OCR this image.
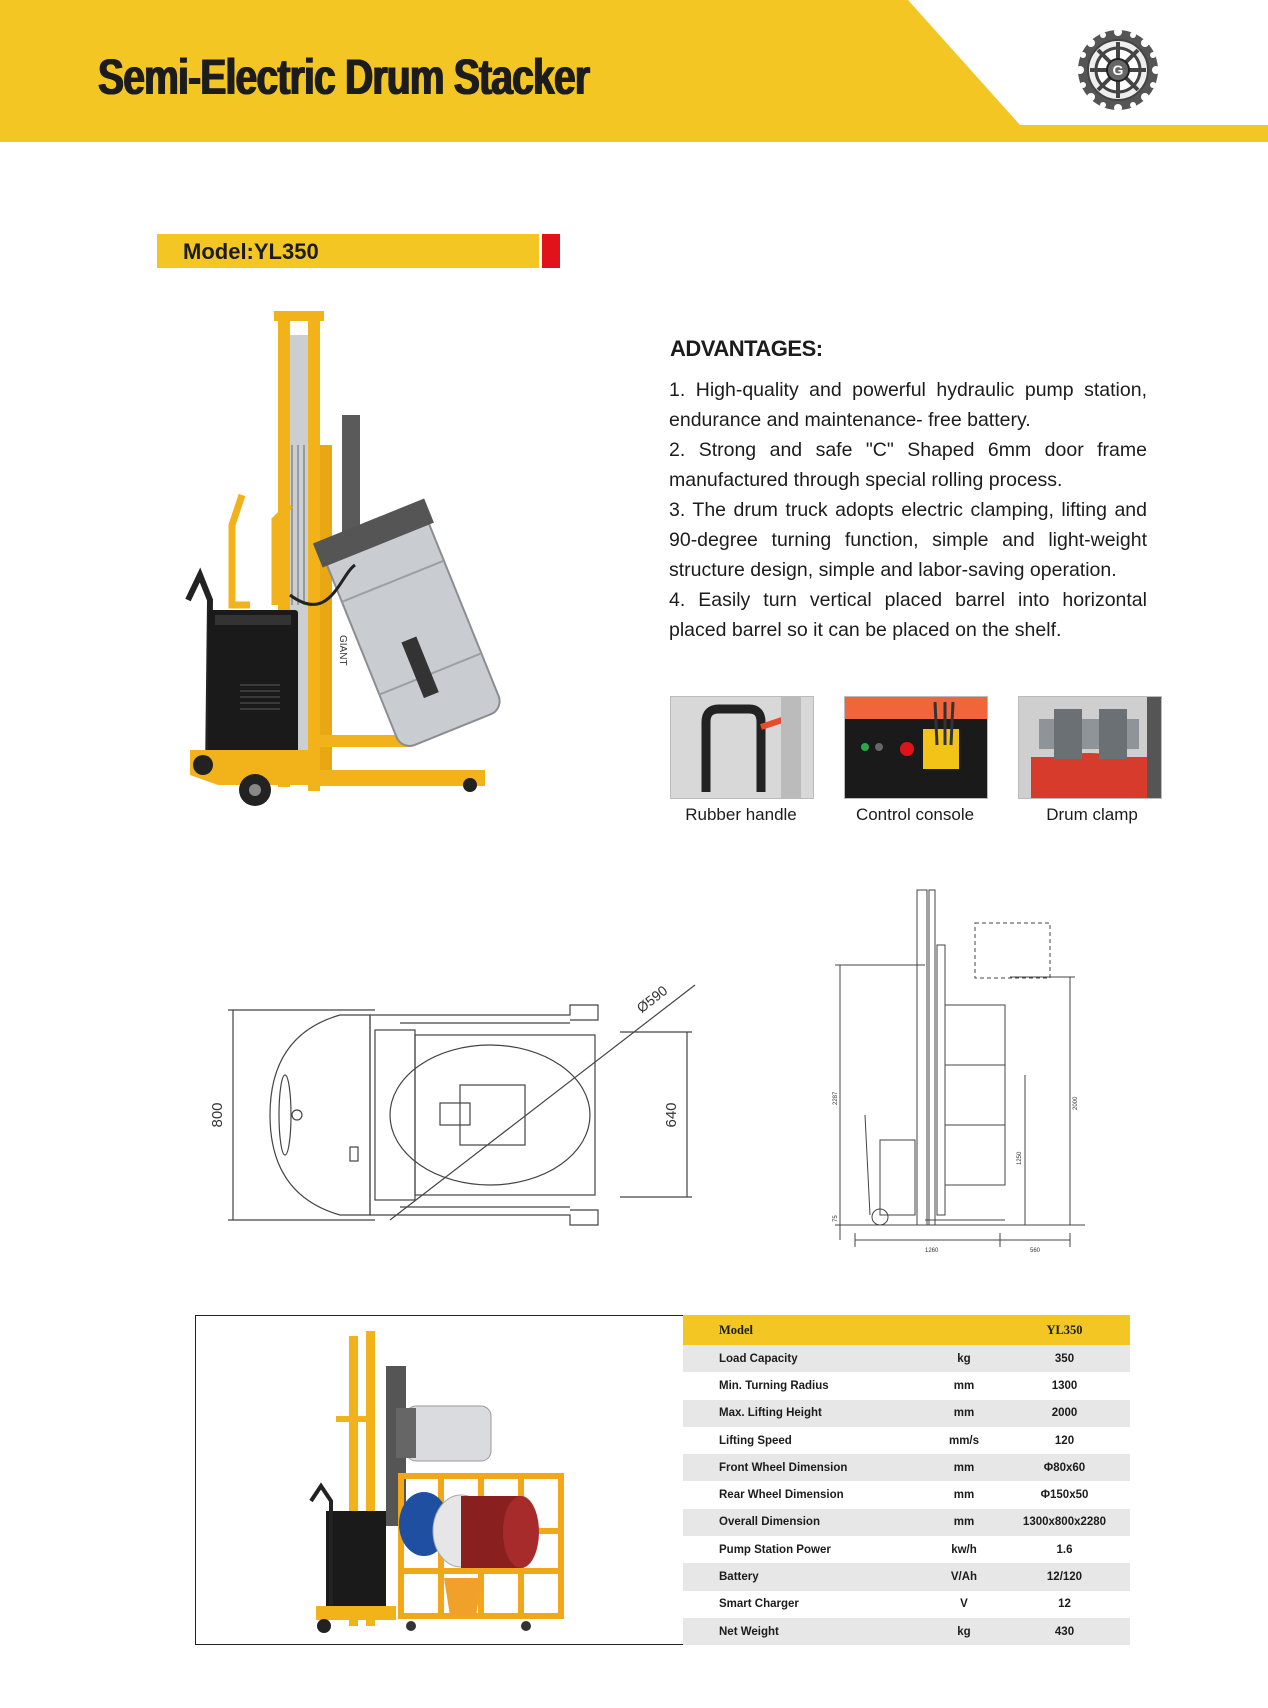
Semi-Electric Drum Stacker	G
Model:YL350
GIANT
ADVANTAGES:
1. High-quality and powerful hydraulic pump station, endurance and maintenance- free battery.
2. Strong and safe "C" Shaped 6mm door frame manufactured through special rolling process.
3. The drum truck adopts electric clamping, lifting and 90-degree turning function, simple and light-weight structure design, simple and labor-saving operation.
4. Easily turn vertical placed barrel into horizontal placed barrel so it can be placed on the shelf.
Rubber handle	Control console	Drum clamp
800	640
Ø590
2287	2000
1250
75
1260	560
Model		YL350
Load Capacity	kg	350
Min. Turning Radius	mm	1300
Max. Lifting Height	mm	2000
Lifting Speed	mm/s	120
Front Wheel Dimension	mm	Φ80x60
Rear Wheel Dimension	mm	Φ150x50
Overall Dimension	mm	1300x800x2280
Pump Station Power	kw/h	1.6
Battery	V/Ah	12/120
Smart Charger	V	12
Net Weight	kg	430
